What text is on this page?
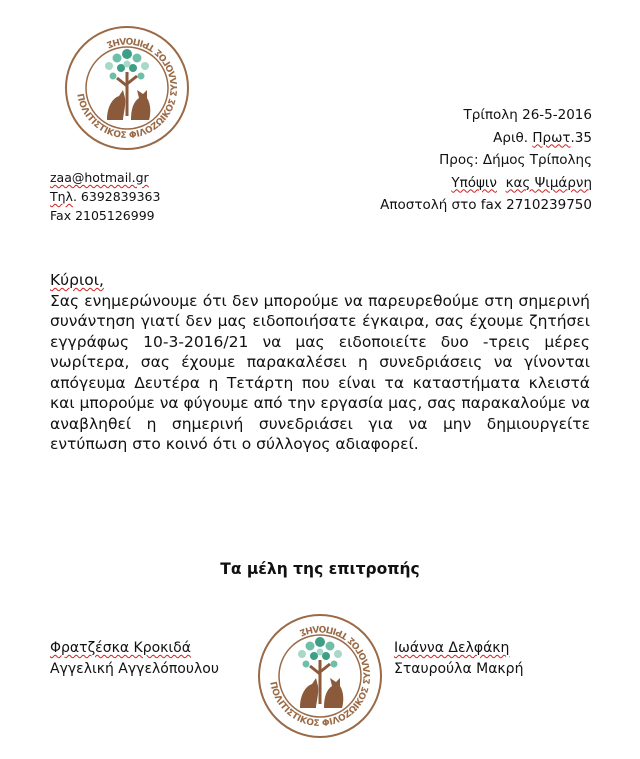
ΠΟΛΙΤΙΣΤΙΚΟΣ ΦΙΛΟΖΩΙΚΟΣ ΣΥΛΛΟΓΟΣ ΤΡΙΠΟΛΗΣ
Τρίπολη 26-5-2016
Αριθ. Πρωτ.35
Προς: Δήμος Τρίπολης
Υπόψιν κας Ψιμάρνη
Αποστολή στο fax 2710239750
zaa@hotmail.gr
Τηλ. 6392839363
Fax 2105126999
Κύριοι,
Σας ενημερώνουμε ότι δεν μπορούμε να παρευρεθούμε στη σημερινή συνάντηση γιατί δεν μας ειδοποιήσατε έγκαιρα, σας έχουμε ζητήσει εγγράφως 10-3-2016/21 να μας ειδοποιείτε δυο -τρεις μέρες νωρίτερα, σας έχουμε παρακαλέσει η συνεδριάσεις να γίνονται απόγευμα Δευτέρα η Τετάρτη που είναι τα καταστήματα κλειστά και μπορούμε να φύγουμε από την εργασία μας, σας παρακαλούμε να αναβληθεί η σημερινή συνεδριάσει για να μην δημιουργείτε εντύπωση στο κοινό ότι ο σύλλογος αδιαφορεί.
Τα μέλη της επιτροπής
Φρατζέσκα Κροκιδά
Αγγελική Αγγελόπουλου
Ιωάννα Δελφάκη
Σταυρούλα Μακρή
ΠΟΛΙΤΙΣΤΙΚΟΣ ΦΙΛΟΖΩΙΚΟΣ ΣΥΛΛΟΓΟΣ ΤΡΙΠΟΛΗΣ
